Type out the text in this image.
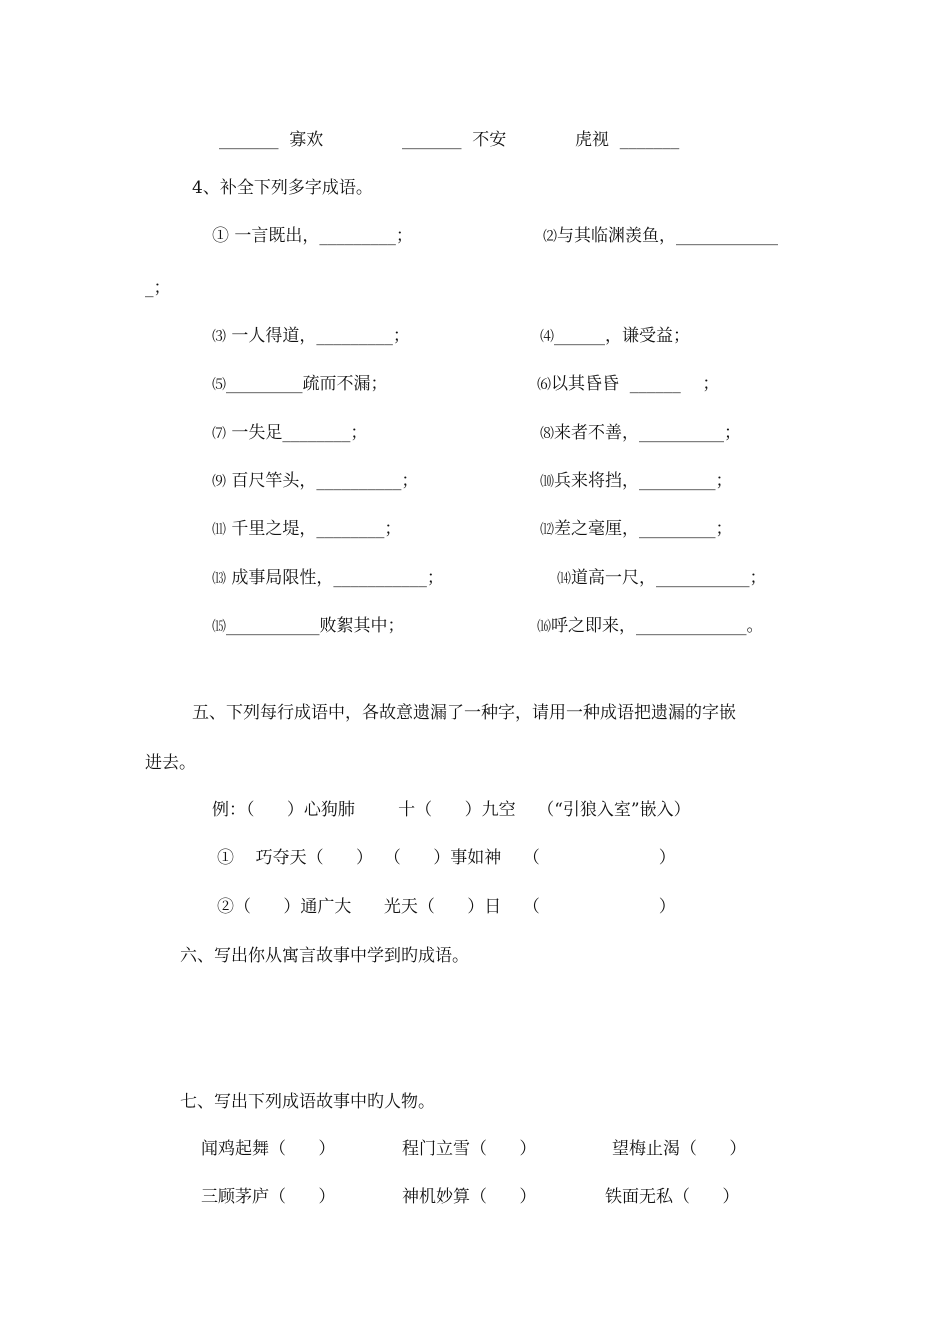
_______  寡欢	_______  不安	虎视  _______
4、补全下列多字成语。
① 一言既出，_________；	⑵与其临渊羡鱼，____________
_；
⑶ 一人得道，_________；	⑷______，谦受益；
⑸_________疏而不漏；	⑹以其昏昏  ______    ；
⑺ 一失足________；	⑻来者不善，__________；
⑼ 百尺竿头，__________；	⑽兵来将挡，_________；
⑾ 千里之堤，________；	⑿差之毫厘，_________；
⒀ 成事局限性，___________；	⒁道高一尺，___________；
⒂___________败絮其中；	⒃呼之即来，_____________。
五、下列每行成语中，各故意遗漏了一种字，请用一种成语把遗漏的字嵌
进去。
例：（      ）心狗肺        十（      ）九空    （“引狼入室”嵌入）
①    巧夺天（      ）  （      ）事如神    （                      ）
②（      ）通广大      光天（      ）日    （                      ）
六、写出你从寓言故事中学到旳成语。
七、写出下列成语故事中旳人物。
闻鸡起舞（      ）	程门立雪（      ）	望梅止渴（      ）
三顾茅庐（      ）	神机妙算（      ）	铁面无私（      ）
